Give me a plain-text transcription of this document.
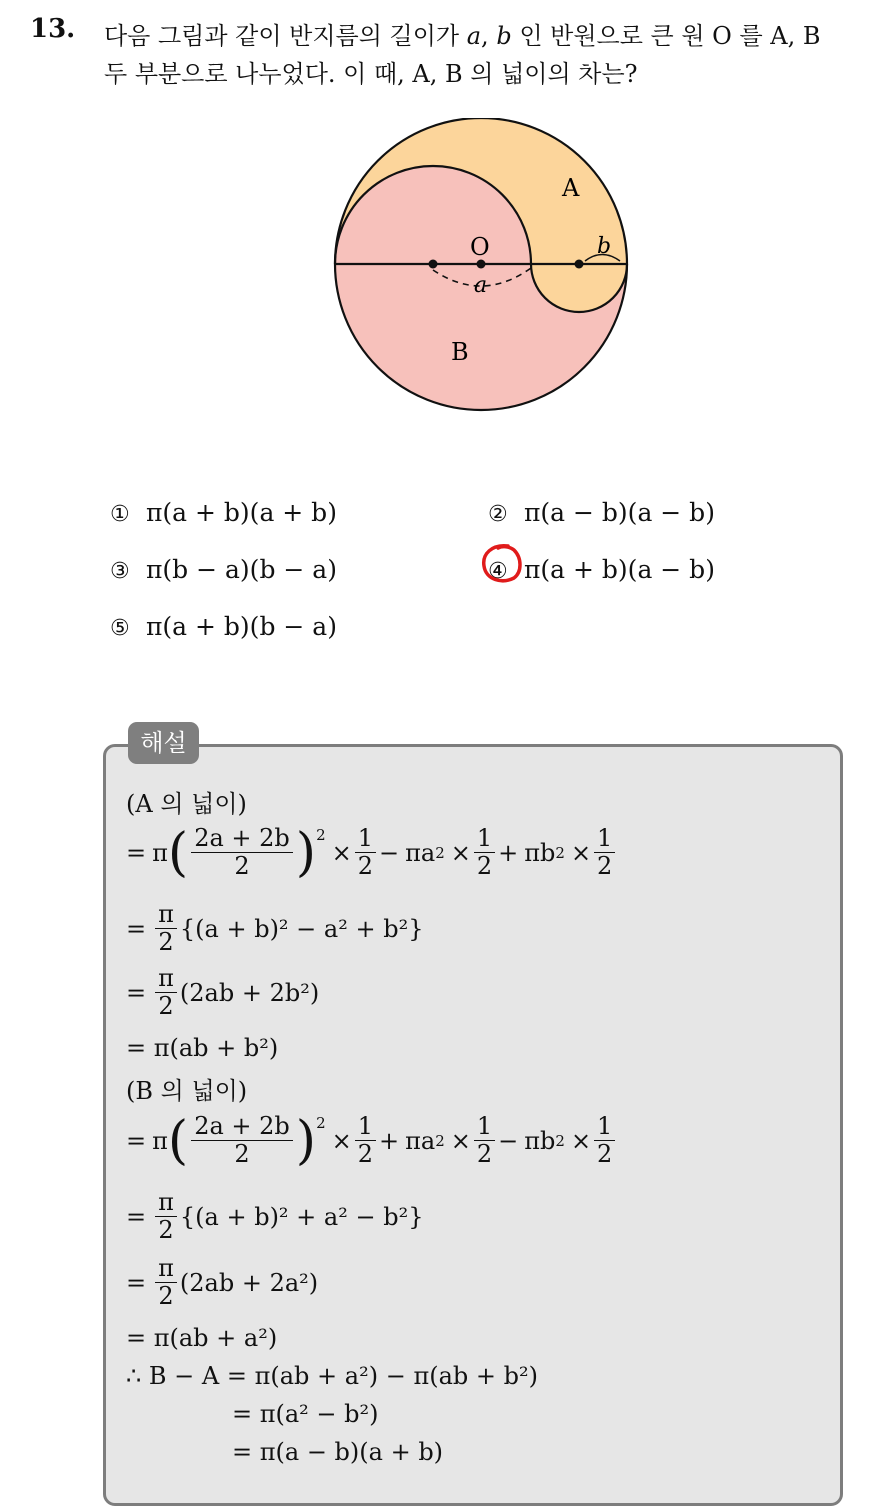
13. 다음 그림과 같이 반지름의 길이가 a, b 인 반원으로 큰 원 O 를 A, B
두 부분으로 나누었다. 이 때, A, B 의 넓이의 차는?
A
B
O
a
b
① π(a + b)(a + b)	② π(a − b)(a − b)
③ π(b − a)(b − a)	④ π(a + b)(a − b)
⑤ π(a + b)(b − a)
해설
(A 의 넓이)
= π ( $\frac{2a + 2b}{2} )^2$
× $\frac{1}{2} - \pi a$ $2 \times \frac{1}{2} + \pi b$ $2 \times \frac{1}{2}$
= $\frac{\pi}{2} \{(a + b)^2 - a^2 + b^2\}$
= $\frac{\pi}{2} (2ab + 2b^2)$
= π(ab + b²)
(B 의 넓이)
= π ( $\frac{2a + 2b}{2} )^2$
× $\frac{1}{2} + \pi a$ $2 \times \frac{1}{2} - \pi b$ $2 \times \frac{1}{2}$
= $\frac{\pi}{2} \{(a + b)^2 + a^2 - b^2\}$
= $\frac{\pi}{2} (2ab + 2a^2)$
= π(ab + a²)
∴ B − A = π(ab + a²) − π(ab + b²)
= π(a² − b²)
= π(a − b)(a + b)
